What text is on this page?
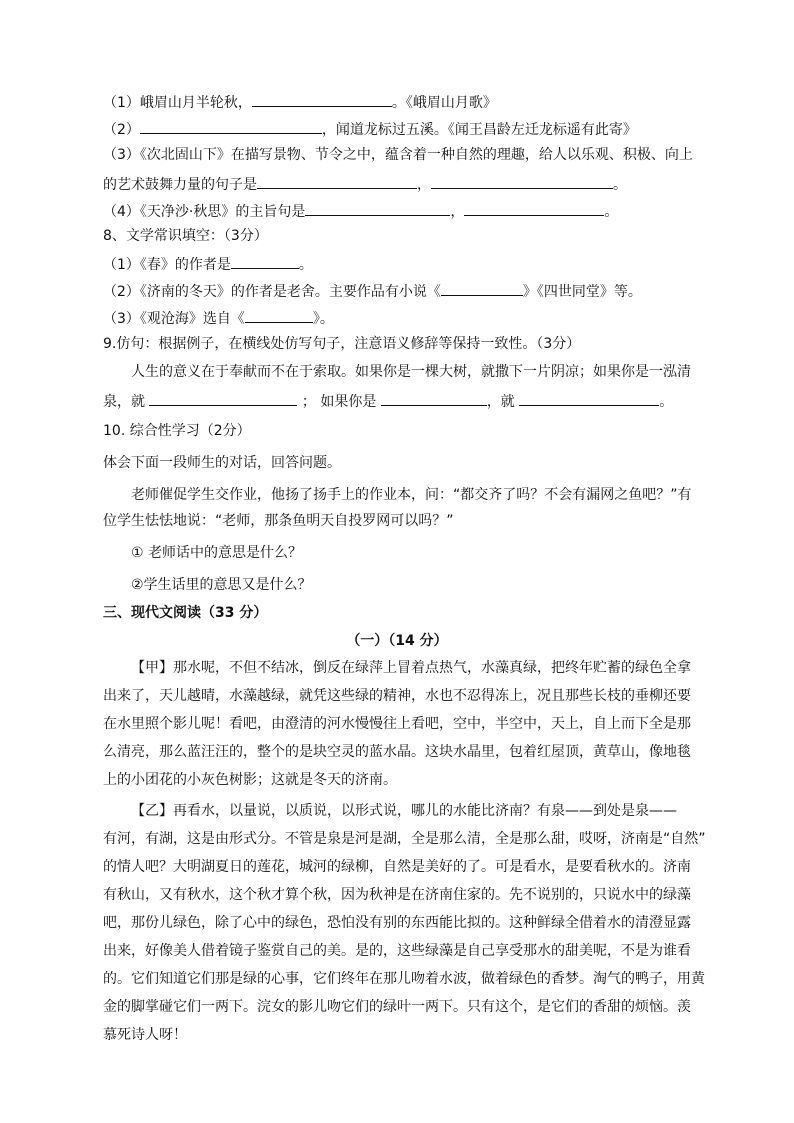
（1）峨眉山月半轮秋，	。《峨眉山月歌》
（2）	，闻道龙标过五溪。《闻王昌龄左迁龙标遥有此寄》
（3）《次北固山下》在描写景物、节令之中，蕴含着一种自然的理趣，给人以乐观、积极、向上
的艺术鼓舞力量的句子是	，	。
（4）《天净沙·秋思》的主旨句是	，	。
8、文学常识填空：（3分）
（1）《春》的作者是	。
（2）《济南的冬天》的作者是老舍。主要作品有小说《	》《四世同堂》等。
（3）《观沧海》选自《	》。
9.仿句：根据例子，在横线处仿写句子，注意语义修辞等保持一致性。（3分）
人生的意义在于奉献而不在于索取。如果你是一棵大树，就撒下一片阴凉；如果你是一泓清
泉，就	； 如果你是	，就	。
10. 综合性学习（2分）
体会下面一段师生的对话，回答问题。
老师催促学生交作业，他扬了扬手上的作业本，问：“都交齐了吗？不会有漏网之鱼吧？”有
位学生怯怯地说：“老师，那条鱼明天自投罗网可以吗？”
① 老师话中的意思是什么？
②学生话里的意思又是什么？
三、现代文阅读（33 分）
（一）（14 分）
【甲】那水呢，不但不结冰，倒反在绿萍上冒着点热气，水藻真绿，把终年贮蓄的绿色全拿
出来了，天儿越晴，水藻越绿，就凭这些绿的精神，水也不忍得冻上，况且那些长枝的垂柳还要
在水里照个影儿呢！看吧，由澄清的河水慢慢往上看吧，空中，半空中，天上，自上而下全是那
么清亮，那么蓝汪汪的，整个的是块空灵的蓝水晶。这块水晶里，包着红屋顶，黄草山，像地毯
上的小团花的小灰色树影；这就是冬天的济南。
【乙】再看水，以量说，以质说，以形式说，哪儿的水能比济南？有泉——到处是泉——
有河，有湖，这是由形式分。不管是泉是河是湖，全是那么清，全是那么甜，哎呀，济南是“自然”
的情人吧？大明湖夏日的莲花，城河的绿柳，自然是美好的了。可是看水，是要看秋水的。济南
有秋山，又有秋水，这个秋才算个秋，因为秋神是在济南住家的。先不说别的，只说水中的绿藻
吧，那份儿绿色，除了心中的绿色，恐怕没有别的东西能比拟的。这种鲜绿全借着水的清澄显露
出来，好像美人借着镜子鉴赏自己的美。是的，这些绿藻是自己享受那水的甜美呢，不是为谁看
的。它们知道它们那是绿的心事，它们终年在那儿吻着水波，做着绿色的香梦。淘气的鸭子，用黄
金的脚掌碰它们一两下。浣女的影儿吻它们的绿叶一两下。只有这个，是它们的香甜的烦恼。羡
慕死诗人呀！
